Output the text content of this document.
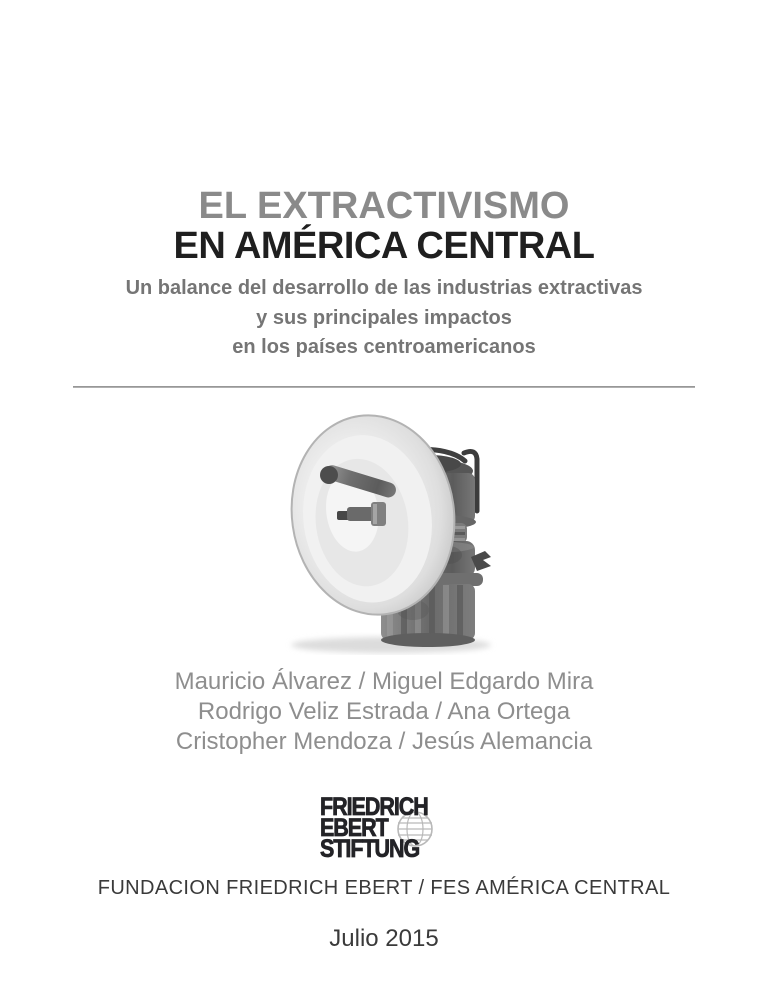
EL EXTRACTIVISMO
EN AMÉRICA CENTRAL
Un balance del desarrollo de las industrias extractivas
y sus principales impactos
en los países centroamericanos
Mauricio Álvarez / Miguel Edgardo Mira
Rodrigo Veliz Estrada / Ana Ortega
Cristopher Mendoza / Jesús Alemancia
FRIEDRICH
EBERT
STIFTUNG
FUNDACION FRIEDRICH EBERT / FES AMÉRICA CENTRAL
Julio 2015
